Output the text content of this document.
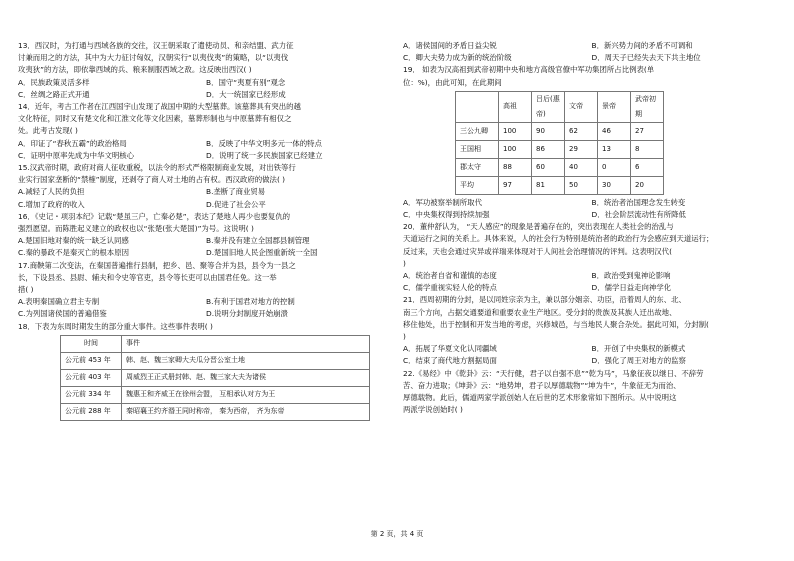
13．西汉时，为打通与西域各族的交往，汉王朝采取了遣使动员、和亲结盟、武力征

讨兼而用之的方法，其中为大力征讨匈奴，汉朝实行“以夷伐夷”的策略，以“以夷伐

攻夷狄”的方法，即依靠西域的兵、粮来制服西域之敌。这反映出西汉( )

A．民族政策灵活多样	B．国守“夷夏有别”观念
C．丝绸之路正式开通	D．大一统国家已经形成

14．近年，考古工作者在江西国宇山发现了战国中期的大型墓葬。该墓葬具有突出的越

文化特征，同时又有楚文化和江淮文化等文化因素，墓葬形制也与中原墓葬有相仅之

处。此考古发现( )

A．印证了“春秋五霸”的政治格局	B．反映了中华文明多元一体的特点
C．证明中原率先成为中华文明核心	D．说明了统一多民族国家已经建立

15.汉武帝时期，政府对商人征收重税，以法令的形式严格限制商业发展，对出铁等行

业实行国家垄断的“禁榷”制度，还剥夺了商人对土地的占有权。西汉政府的做法( )

A.减轻了人民的负担	B.垄断了商业贸易
C.增加了政府的收入	D.促进了社会公平

16．《史记・项羽本纪》记载“楚虽三户，亡秦必楚”，表达了楚地人再少也要复仇的

强烈愿望。而陈胜起义建立的政权也以“张楚(张大楚国)”为号。这说明( )

A.楚国旧地对秦的统一缺乏认同感	B.秦并没有建立全国郡县制管理
C.秦的暴政不是秦灭亡的根本原因	D.楚国旧地人民企图重新统一全国

17.商鞅第二次变法，在秦国普遍推行县制，把乡、邑、聚等合并为县，县令为一县之

长，下设县丞、县尉、辅夫和令史等官吏，县令等长吏可以由国君任免。这一举

措( )

A.表明秦国确立君主专制	B.有利于国君对地方的控制
C.为列国诸侯国的普遍借鉴	D.说明分封制度开始崩溃

18．下表为东周时期发生的部分重大事件。这些事件表明( )

时间	事件
公元前 453 年	韩、赵、魏三家卿大夫瓜分晋公室土地
公元前 403 年	周威烈王正式册封韩、赵、魏三家大夫为诸侯
公元前 334 年	魏惠王和齐威王在徐州会盟， 互相承认对方为王
公元前 288 年	秦昭襄王约齐湣王同时称帝， 秦为西帝， 齐为东帝
A．诸侯国间的矛盾日益尖锐	B．新兴势力间的矛盾不可调和
C．卿大夫势力成为新的统治阶级	D．周天子已经失去天下共主地位

19． 如表为汉高祖到武帝初期中央和地方高级官僚中军功集团所占比例表(单

位：%)，由此可知，在此期间

	高祖	吕后(惠帝)	文帝	景帝	武帝初期
三公九卿	100	90	62	46	27
王国相	100	86	29	13	8
郡太守	88	60	40	0	6
平均	97	81	50	30	20
A．军功被察举制所取代	B．统治者治国理念发生转变
C．中央集权得到持续加强	D．社会阶层流动性有所降低

20．董仲舒认为， “天人感应”的现象是普遍存在的，突出表现在人类社会的治乱与

天道运行之间的关系上。具体来说，人的社会行为特别是统治者的政治行为会感应到天道运行；

反过来，天也会通过灾异或祥瑞来体现对于人间社会治理情况的评判。这表明汉代(

)

A．统治者自省和谨慎的态度	B．政治受到鬼神论影响
C．儒学重视实轻人伦的特点	D．儒学日益走向神学化

21．西周初期的分封，是以同姓宗亲为主，兼以部分姻亲、功臣，沿着周人的东、北、

南三个方向，占据交通要道和重要农业生产地区。受分封的贵族及其族人迁出故地、

移住他处，出于控制和开发当地的考虑，兴修城邑，与当地民人聚合杂处。据此可知，分封制(

)

A．拓展了华夏文化认同疆域	B．开创了中央集权的新模式
C．结束了商代地方割据局面	D．强化了周王对地方的监察

22.《易经》中《乾卦》云：“天行健，君子以自强不息”“乾为马”，马象征夜以继日、不辞劳

苦、奋力进取；《坤卦》云：“地势坤，君子以厚德载物”“坤为牛”，牛象征无为而治、

厚德载物。此后，儒道两家学派创始人在后世的艺术形象常如下图所示。从中说明这

两派学说创始时( )

第 2 页，共 4 页
